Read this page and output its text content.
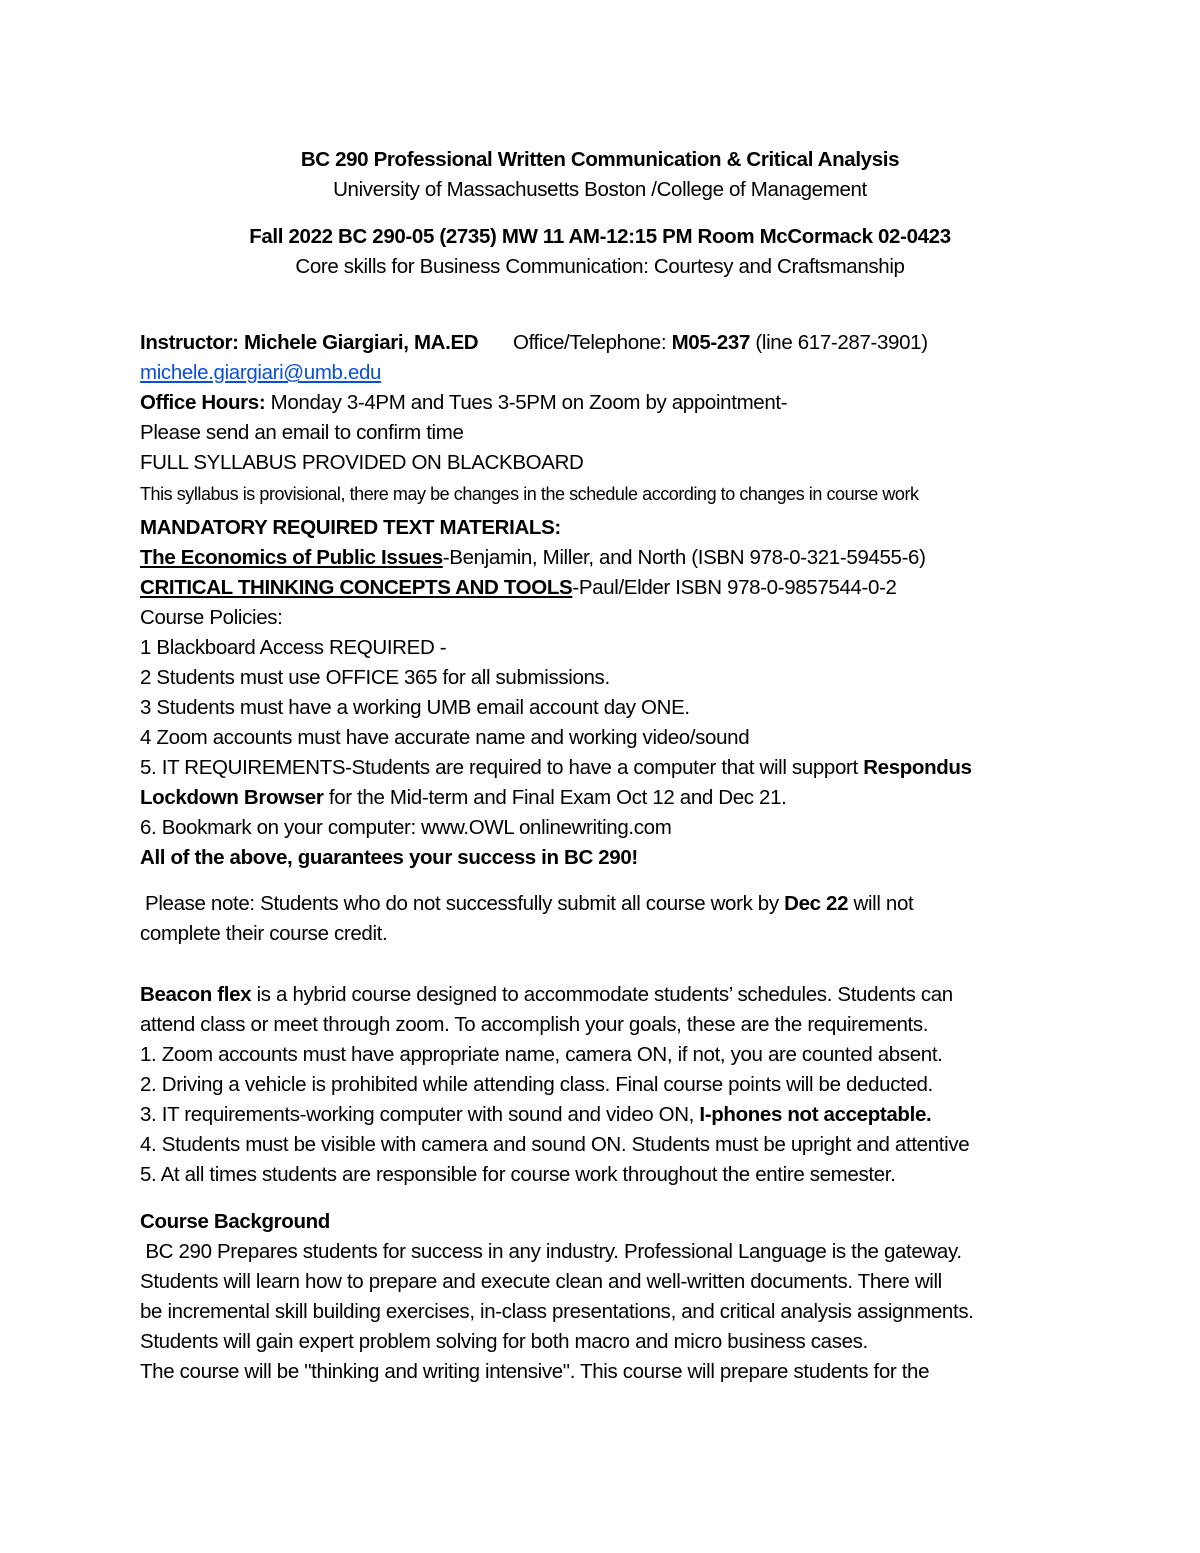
BC 290 Professional Written Communication & Critical Analysis
University of Massachusetts Boston /College of Management
Fall 2022 BC 290-05 (2735) MW 11 AM-12:15 PM Room McCormack 02-0423
Core skills for Business Communication: Courtesy and Craftsmanship
Instructor: Michele Giargiari, MA.ED Office/Telephone: M05-237 (line 617-287-3901)
michele.giargiari@umb.edu
Office Hours: Monday 3-4PM and Tues 3-5PM on Zoom by appointment-
Please send an email to confirm time
FULL SYLLABUS PROVIDED ON BLACKBOARD
This syllabus is provisional, there may be changes in the schedule according to changes in course work
MANDATORY REQUIRED TEXT MATERIALS:
The Economics of Public Issues-Benjamin, Miller, and North (ISBN 978-0-321-59455-6)
CRITICAL THINKING CONCEPTS AND TOOLS-Paul/Elder ISBN 978-0-9857544-0-2
Course Policies:
1 Blackboard Access REQUIRED -
2 Students must use OFFICE 365 for all submissions.
3 Students must have a working UMB email account day ONE.
4 Zoom accounts must have accurate name and working video/sound
5. IT REQUIREMENTS-Students are required to have a computer that will support Respondus
Lockdown Browser for the Mid-term and Final Exam Oct 12 and Dec 21.
6. Bookmark on your computer: www.OWL onlinewriting.com
All of the above, guarantees your success in BC 290!
Please note: Students who do not successfully submit all course work by Dec 22 will not
complete their course credit.
Beacon flex is a hybrid course designed to accommodate students’ schedules. Students can
attend class or meet through zoom. To accomplish your goals, these are the requirements.
1. Zoom accounts must have appropriate name, camera ON, if not, you are counted absent.
2. Driving a vehicle is prohibited while attending class. Final course points will be deducted.
3. IT requirements-working computer with sound and video ON, I-phones not acceptable.
4. Students must be visible with camera and sound ON. Students must be upright and attentive
5. At all times students are responsible for course work throughout the entire semester.
Course Background
BC 290 Prepares students for success in any industry. Professional Language is the gateway.
Students will learn how to prepare and execute clean and well-written documents. There will
be incremental skill building exercises, in-class presentations, and critical analysis assignments.
Students will gain expert problem solving for both macro and micro business cases.
The course will be "thinking and writing intensive". This course will prepare students for the
